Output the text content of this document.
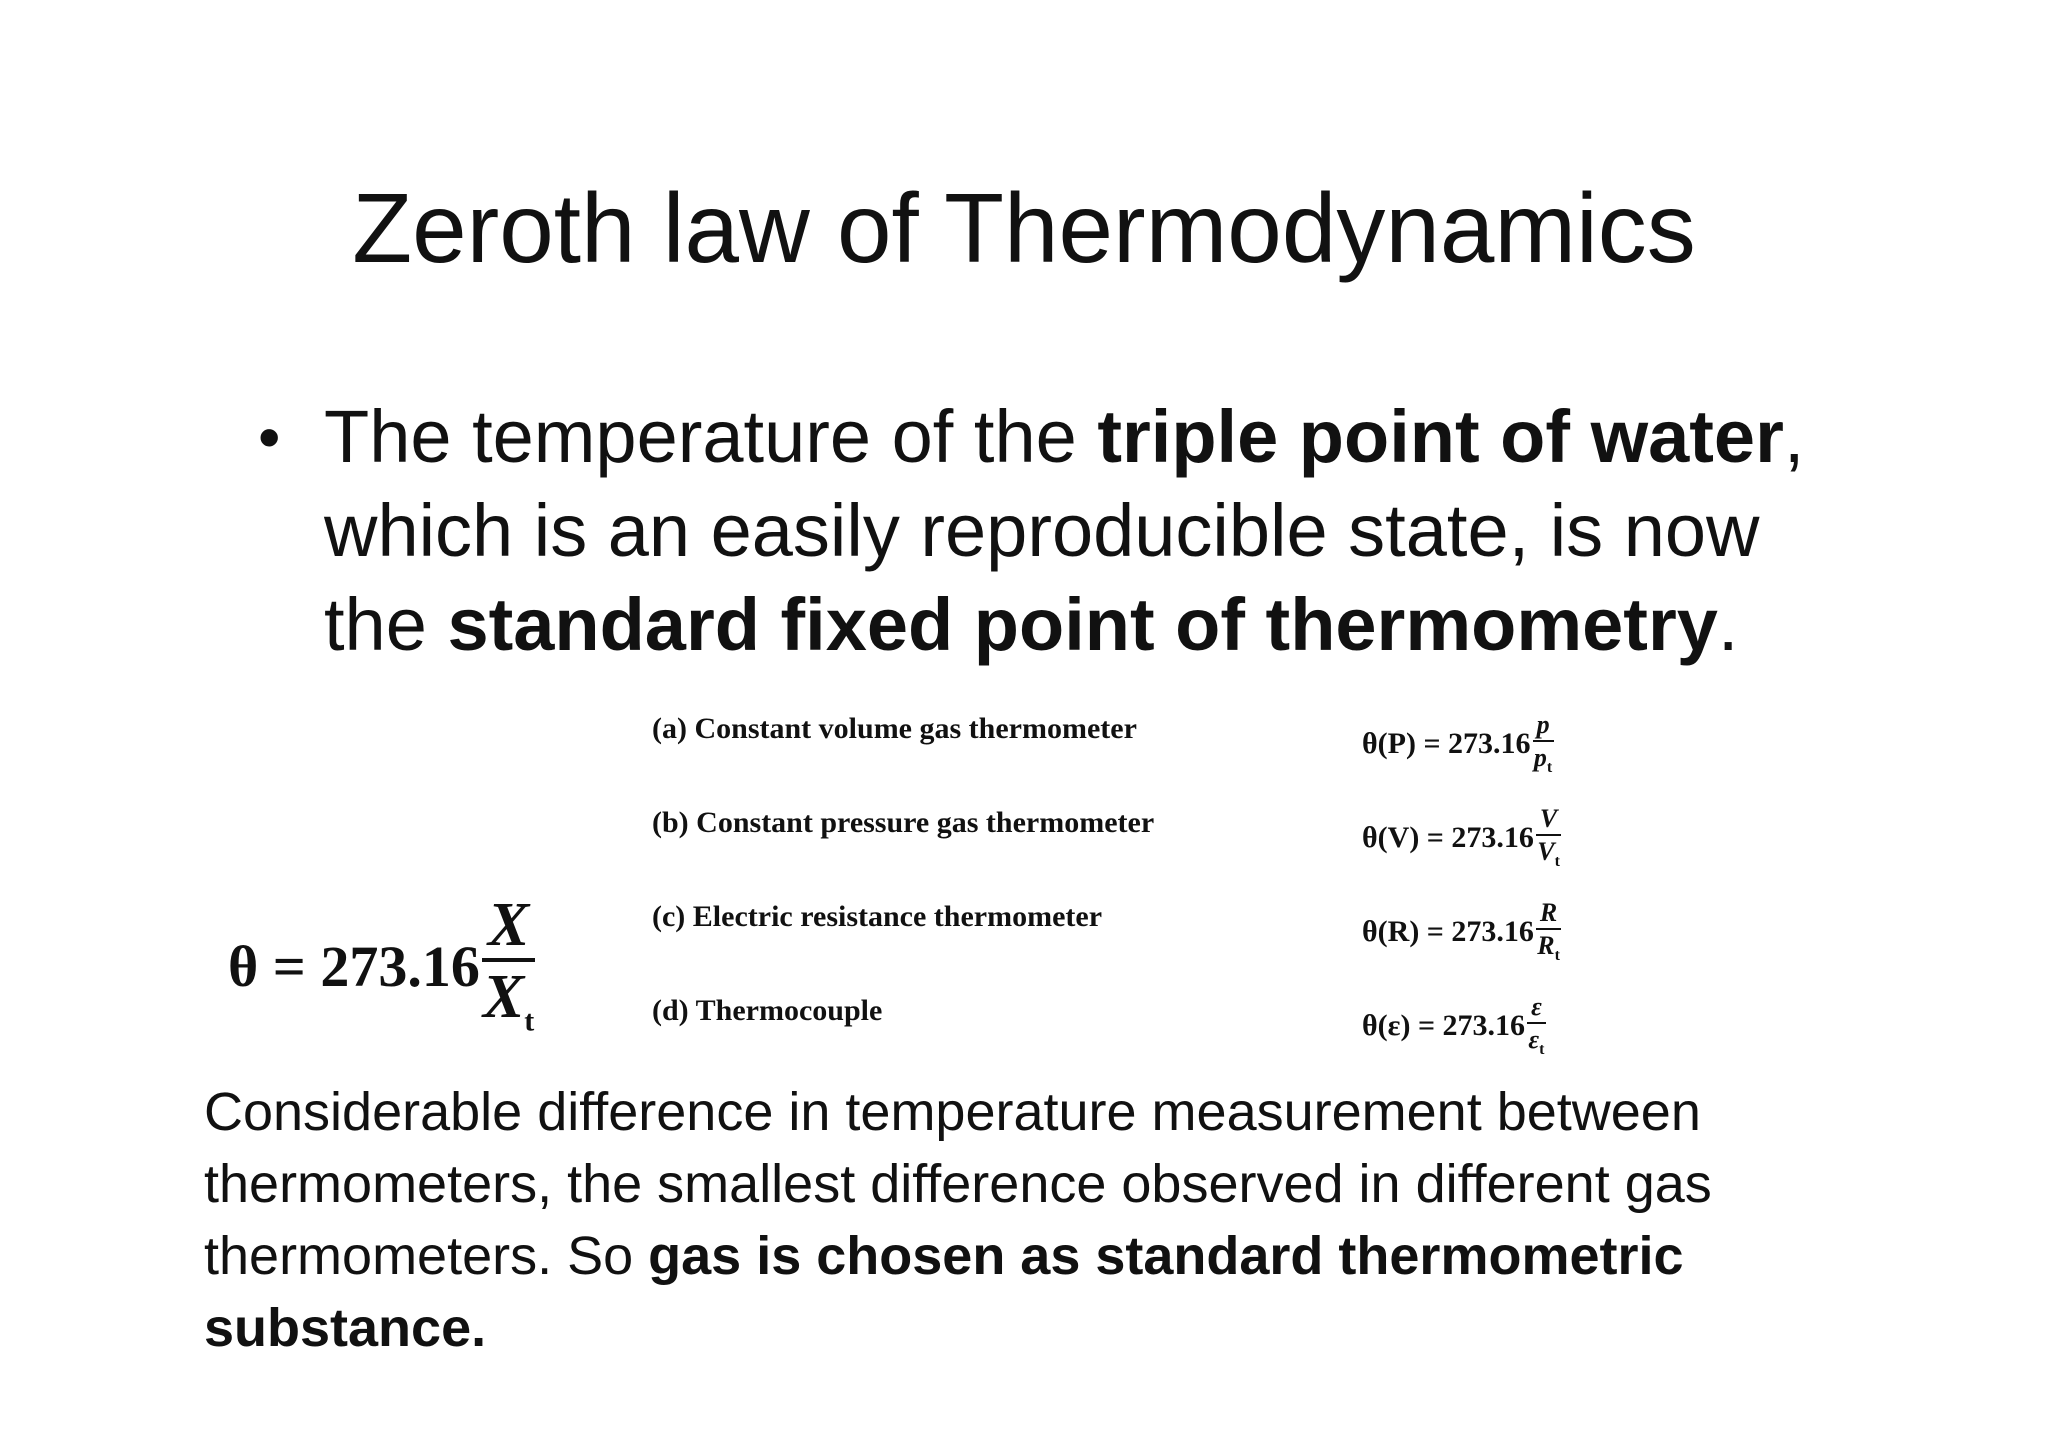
Zeroth law of Thermodynamics
• The temperature of the triple point of water, which is an easily reproducible state, is now the standard fixed point of thermometry.
$\theta = 273.16 \frac{X}{X_t}$
(a) Constant volume gas thermometer	θ(P) = 273.16
p
$p_t$
(b) Constant pressure gas thermometer	θ(V) = 273.16
V
$V_t$
(c) Electric resistance thermometer	θ(R) = 273.16
R
$R_t$
(d) Thermocouple	θ(ε) = 273.16
ε
$\varepsilon_t$
Considerable difference in temperature measurement between thermometers, the smallest difference observed in different gas thermometers. So gas is chosen as standard thermometric substance.
